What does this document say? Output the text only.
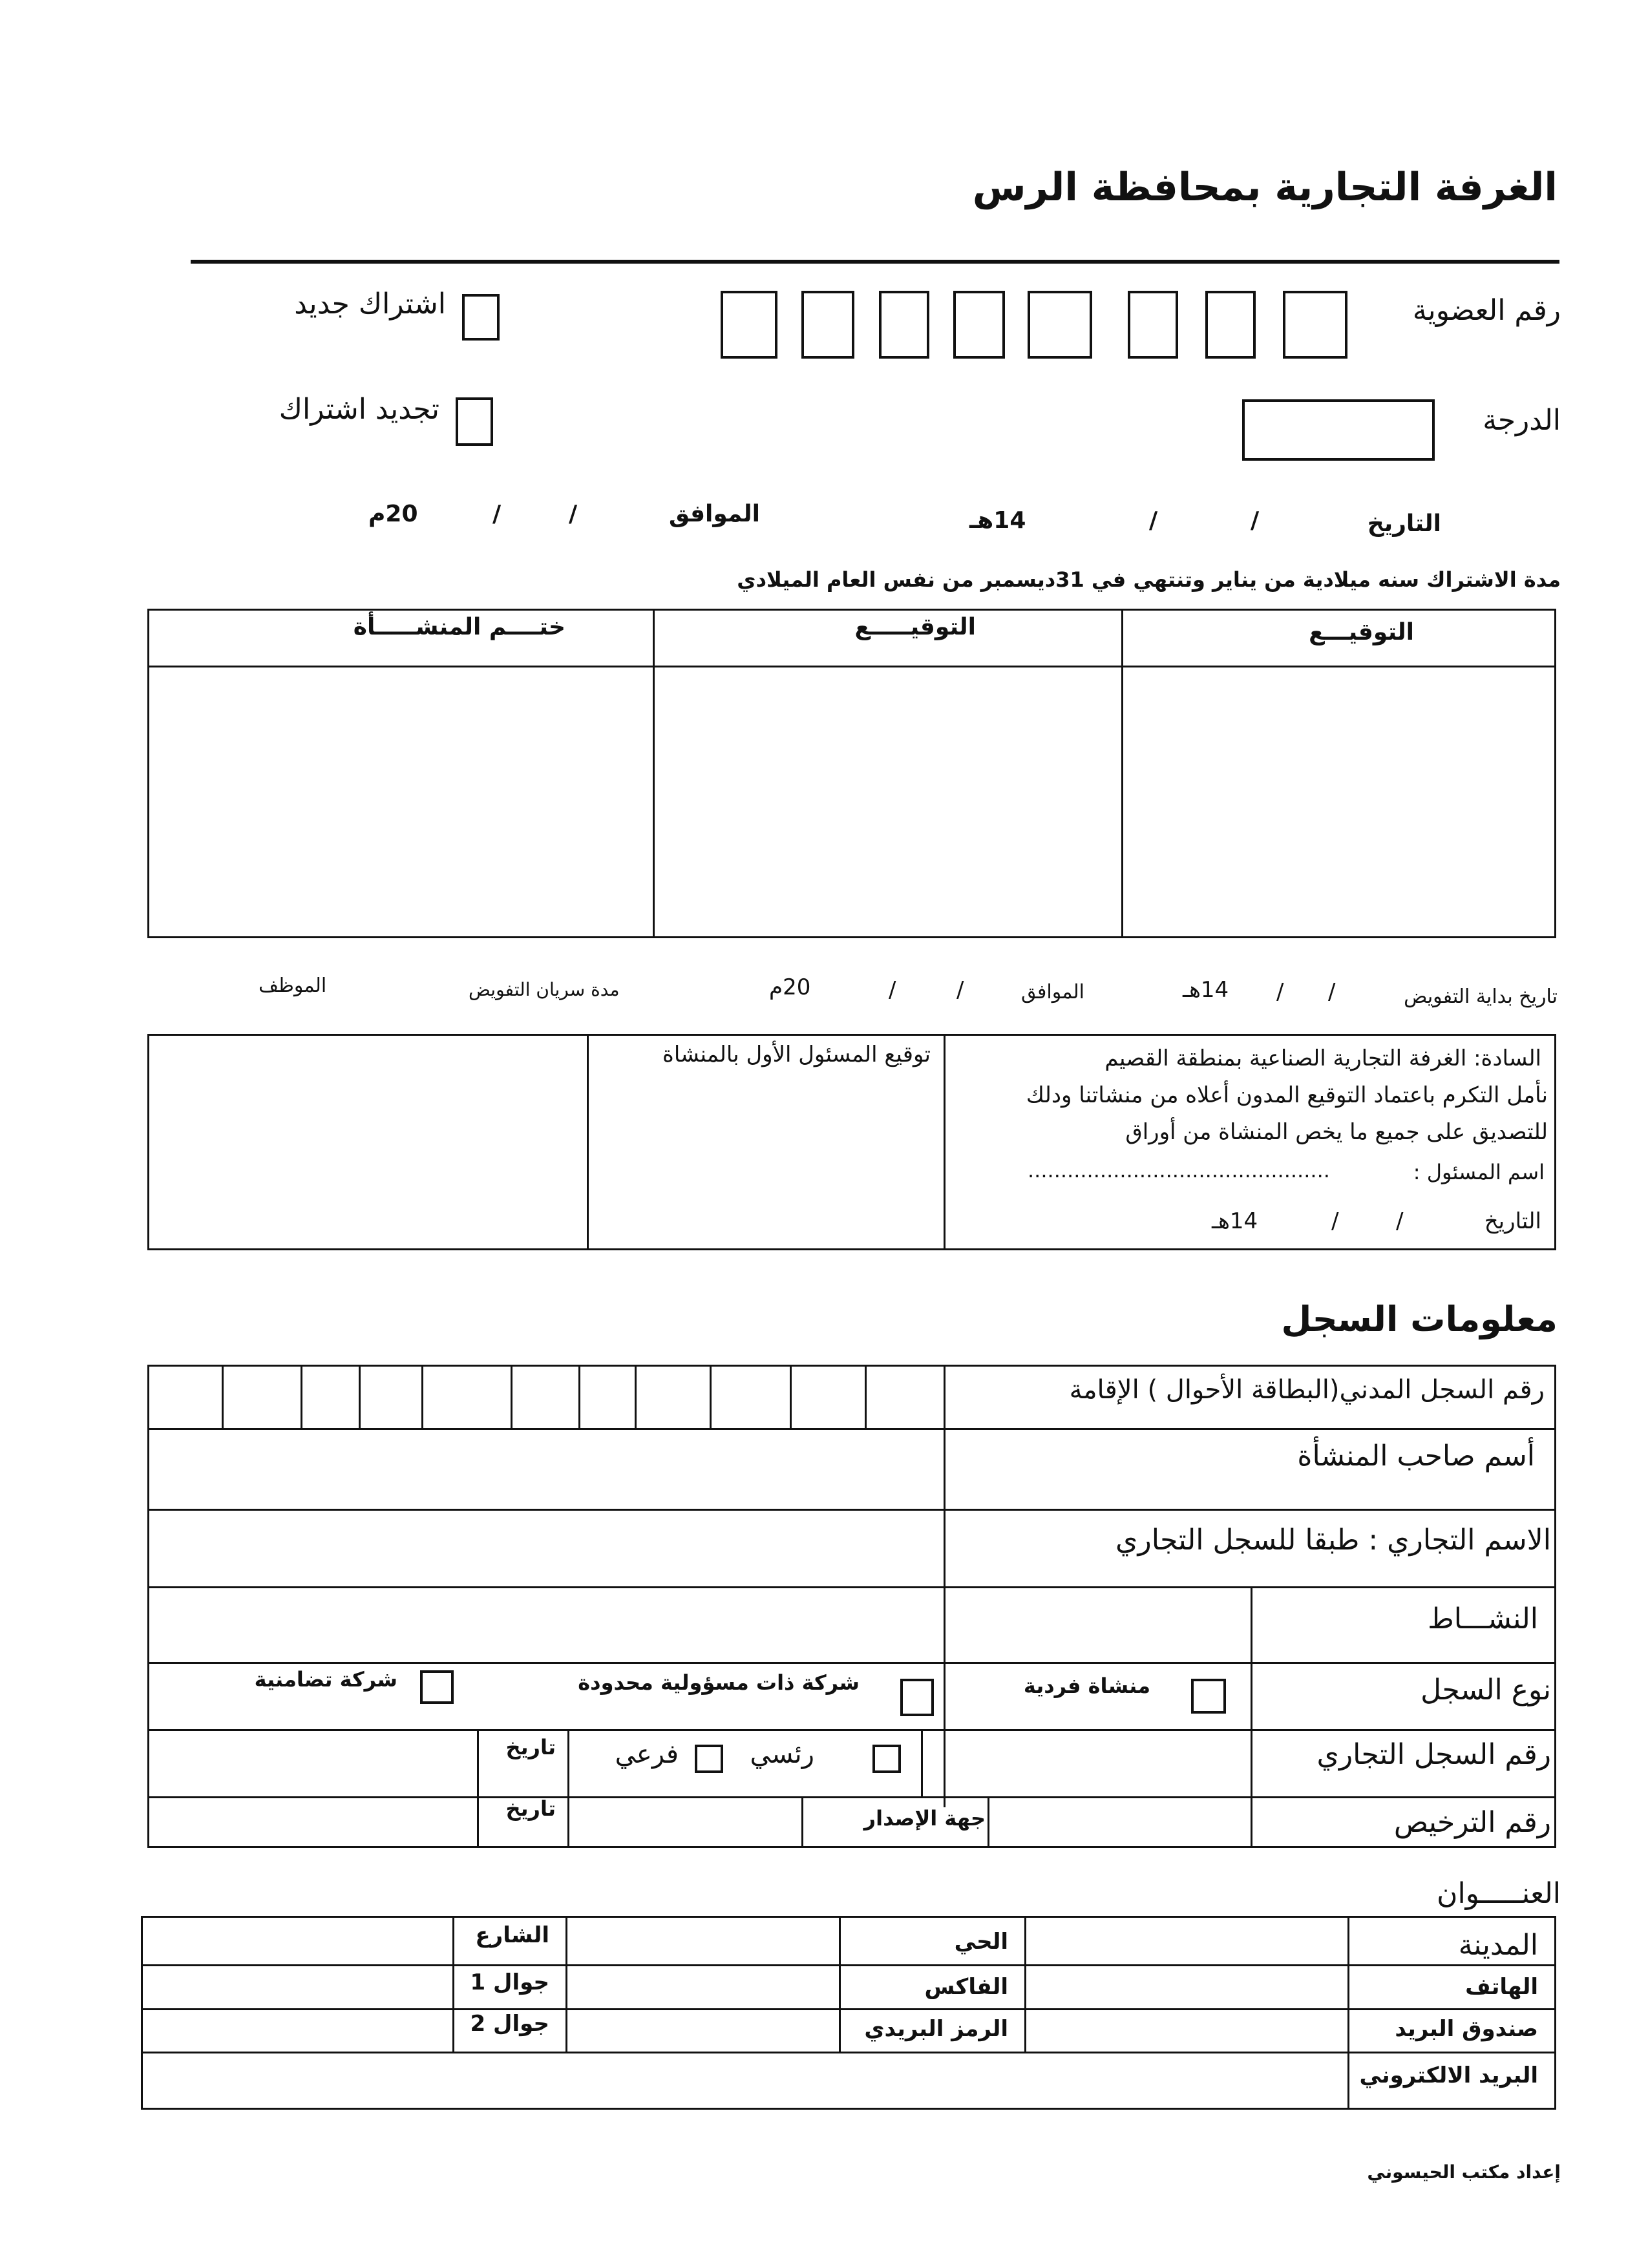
الغرفة التجارية بمحافظة الرس
رقم العضوية
اشتراك جديد
الدرجة
تجديد اشتراك
التاريخ
/
/
14هـ
الموافق
/
/
20م
مدة الاشتراك سنه ميلادية من يناير وتنتهي في 31ديسمبر من نفس العام الميلادي
التوقيـــع
التوقيـــــع
ختــــم المنشـــــأة
تاريخ بداية التفويض
/
/
14هـ
الموافق
/
/
20م
مدة سريان التفويض
الموظف
السادة: الغرفة التجارية الصناعية بمنطقة القصيم
نأمل التكرم باعتماد التوقيع المدون أعلاه من منشاتنا ودلك
للتصديق على جميع ما يخص المنشاة من أوراق
اسم المسئول :
..............................................
التاريخ
/
/
14هـ
توقيع المسئول الأول بالمنشاة
معلومات السجل
رقم السجل المدني(البطاقة الأحوال ) الإقامة
أسم صاحب المنشأة
الاسم التجاري : طبقا للسجل التجاري
النشـــاط
نوع السجل
منشاة فردية
شركة ذات مسؤولية محدودة
شركة تضامنية
رقم السجل التجاري
رئسي
فرعي
تاريخ
رقم الترخيص
جهة الإصدار
تاريخ
العنـــــوان
المدينة
الحي
الشارع
الهاتف
الفاكس
جوال 1
صندوق البريد
الرمز البريدي
جوال 2
البريد الالكتروني
إعداد مكتب الحيسوني
